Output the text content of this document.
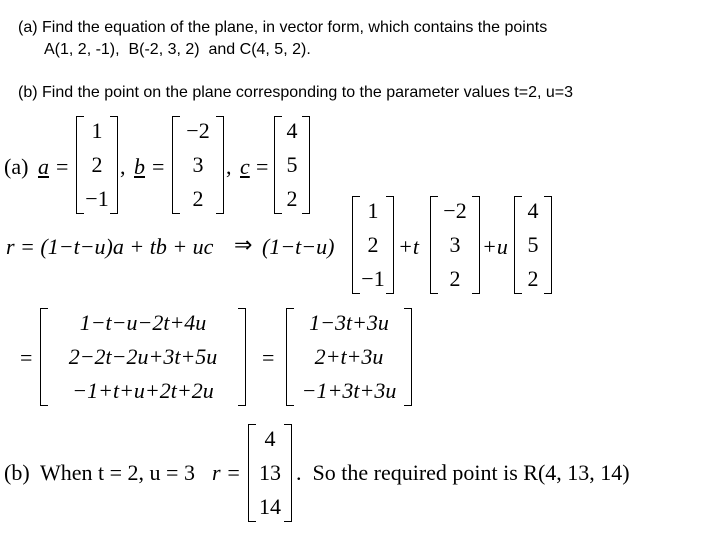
(a) Find the equation of the plane, in vector form, which contains the points
A(1, 2, -1),  B(-2, 3, 2)  and C(4, 5, 2).
(b) Find the point on the plane corresponding to the parameter values t=2, u=3
(a) a =
1
2
−1
, b =
−2
3
2
, c =
4
5
2
r = (1−t−u)a + tb + uc ⇒ (1−t−u)
1
2
−1
+t
−2
3
2
+u
4
5
2
=
1−t−u−2t+4u
2−2t−2u+3t+5u
−1+t+u+2t+2u
=
1−3t+3u
2+t+3u
−1+3t+3u
(b) When t = 2, u = 3 r =
4
13
14
.  So the required point is R(4, 13, 14)
